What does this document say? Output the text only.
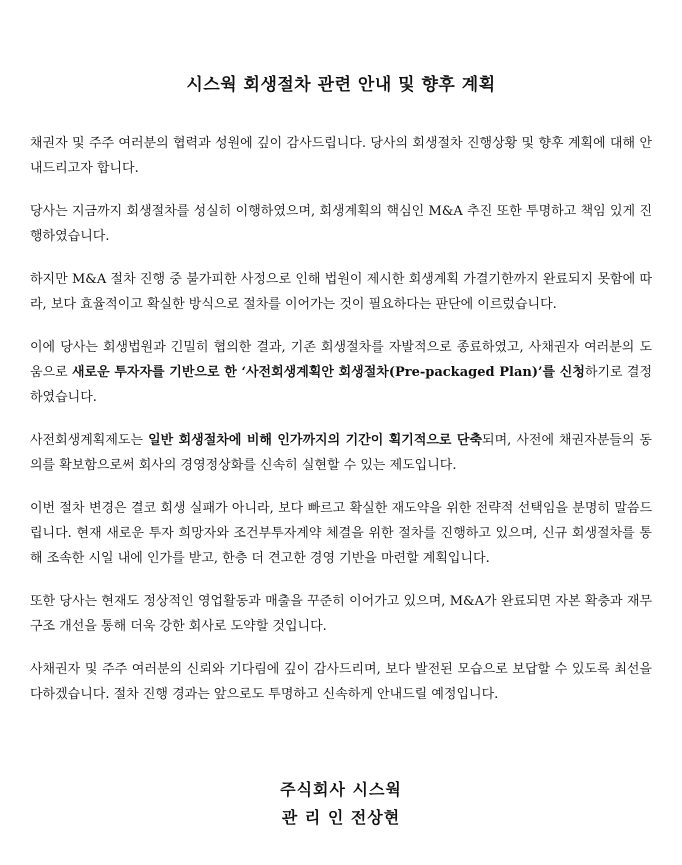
시스웍 회생절차 관련 안내 및 향후 계획

채권자 및 주주 여러분의 협력과 성원에 깊이 감사드립니다. 당사의 회생절차 진행상황 및 향후 계획에 대해 안내드리고자 합니다.

당사는 지금까지 회생절차를 성실히 이행하였으며, 회생계획의 핵심인 M&A 추진 또한 투명하고 책임 있게 진행하였습니다.

하지만 M&A 절차 진행 중 불가피한 사정으로 인해 법원이 제시한 회생계획 가결기한까지 완료되지 못함에 따라, 보다 효율적이고 확실한 방식으로 절차를 이어가는 것이 필요하다는 판단에 이르렀습니다.

이에 당사는 회생법원과 긴밀히 협의한 결과, 기존 회생절차를 자발적으로 종료하였고, 사채권자 여러분의 도움으로 새로운 투자자를 기반으로 한 ‘사전회생계획안 회생절차(Pre-packaged Plan)’를 신청하기로 결정하였습니다.

사전회생계획제도는 일반 회생절차에 비해 인가까지의 기간이 획기적으로 단축되며, 사전에 채권자분들의 동의를 확보함으로써 회사의 경영정상화를 신속히 실현할 수 있는 제도입니다.

이번 절차 변경은 결코 회생 실패가 아니라, 보다 빠르고 확실한 재도약을 위한 전략적 선택임을 분명히 말씀드립니다. 현재 새로운 투자 희망자와 조건부투자계약 체결을 위한 절차를 진행하고 있으며, 신규 회생절차를 통해 조속한 시일 내에 인가를 받고, 한층 더 견고한 경영 기반을 마련할 계획입니다.

또한 당사는 현재도 정상적인 영업활동과 매출을 꾸준히 이어가고 있으며, M&A가 완료되면 자본 확충과 재무구조 개선을 통해 더욱 강한 회사로 도약할 것입니다.

사채권자 및 주주 여러분의 신뢰와 기다림에 깊이 감사드리며, 보다 발전된 모습으로 보답할 수 있도록 최선을 다하겠습니다. 절차 진행 경과는 앞으로도 투명하고 신속하게 안내드릴 예정입니다.

주식회사 시스웍
관 리 인 전상현
